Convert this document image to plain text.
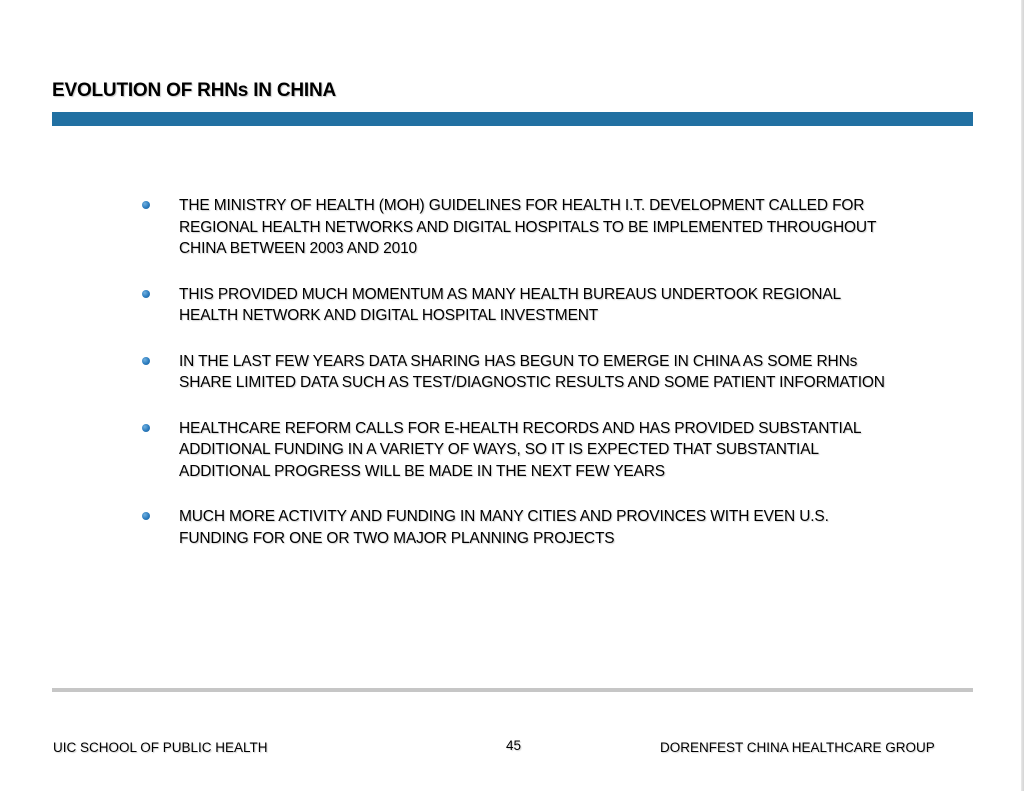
EVOLUTION OF RHNs IN CHINA
THE MINISTRY OF HEALTH (MOH) GUIDELINES FOR HEALTH I.T. DEVELOPMENT CALLED FOR REGIONAL HEALTH NETWORKS AND DIGITAL HOSPITALS TO BE IMPLEMENTED THROUGHOUT CHINA BETWEEN 2003 AND 2010
THIS PROVIDED MUCH MOMENTUM AS MANY HEALTH BUREAUS UNDERTOOK REGIONAL HEALTH NETWORK AND DIGITAL HOSPITAL INVESTMENT
IN THE LAST FEW YEARS DATA SHARING HAS BEGUN TO EMERGE IN CHINA AS SOME RHNs SHARE LIMITED DATA SUCH AS TEST/DIAGNOSTIC RESULTS AND SOME PATIENT INFORMATION
HEALTHCARE REFORM CALLS FOR E-HEALTH RECORDS AND HAS PROVIDED SUBSTANTIAL ADDITIONAL FUNDING IN A VARIETY OF WAYS, SO IT IS EXPECTED THAT SUBSTANTIAL ADDITIONAL PROGRESS WILL BE MADE IN THE NEXT FEW YEARS
MUCH MORE ACTIVITY AND FUNDING IN MANY CITIES AND PROVINCES WITH EVEN U.S. FUNDING FOR ONE OR TWO MAJOR PLANNING PROJECTS
UIC SCHOOL OF PUBLIC HEALTH	45	DORENFEST CHINA HEALTHCARE GROUP
